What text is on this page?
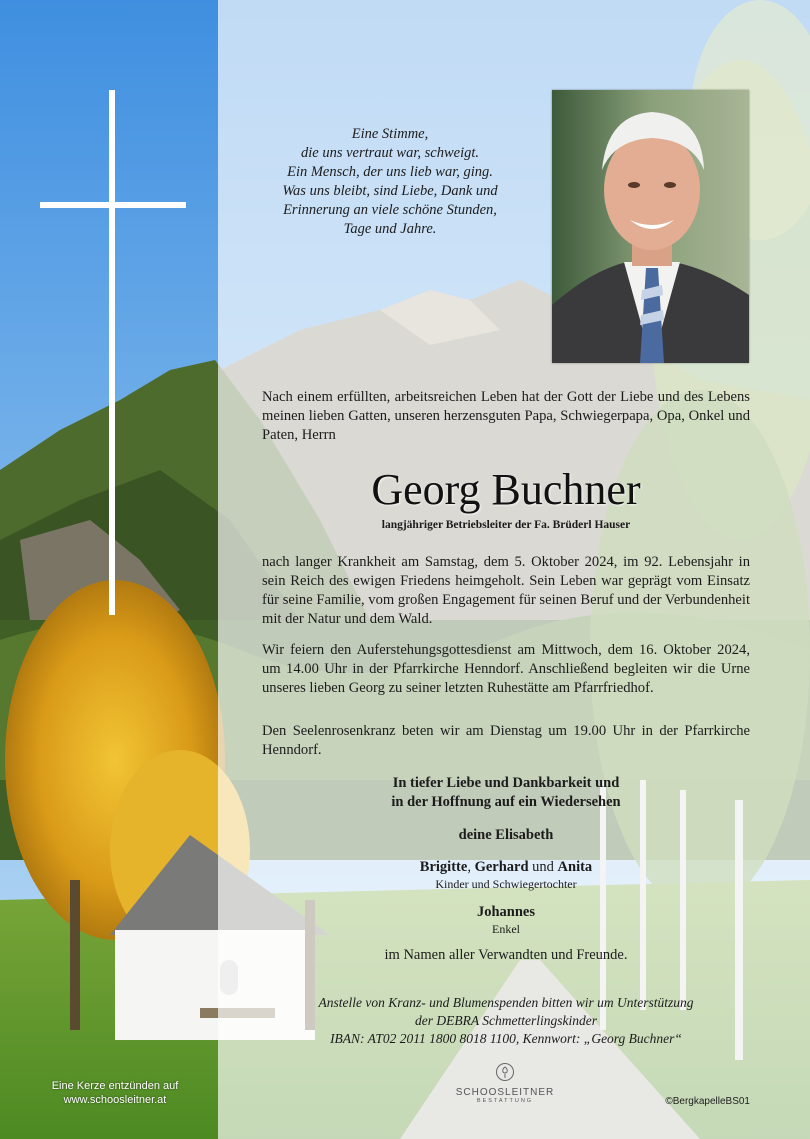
Eine Stimme,
die uns vertraut war, schweigt.
Ein Mensch, der uns lieb war, ging.
Was uns bleibt, sind Liebe, Dank und
Erinnerung an viele schöne Stunden,
Tage und Jahre.
Nach einem erfüllten, arbeitsreichen Leben hat der Gott der Liebe und des Lebens meinen lieben Gatten, unseren herzensguten Papa, Schwiegerpapa, Opa, Onkel und Paten, Herrn
Georg Buchner
langjähriger Betriebsleiter der Fa. Brüderl Hauser
nach langer Krankheit am Samstag, dem 5. Oktober 2024, im 92. Lebensjahr in sein Reich des ewigen Friedens heimgeholt. Sein Leben war geprägt vom Einsatz für seine Familie, vom großen Engagement für seinen Beruf und der Verbundenheit mit der Natur und dem Wald.
Wir feiern den Auferstehungsgottesdienst am Mittwoch, dem 16. Oktober 2024, um 14.00 Uhr in der Pfarrkirche Henndorf. Anschließend begleiten wir die Urne unseres lieben Georg zu seiner letzten Ruhestätte am Pfarrfriedhof.
Den Seelenrosenkranz beten wir am Dienstag um 19.00 Uhr in der Pfarrkirche Henndorf.
In tiefer Liebe und Dankbarkeit und
in der Hoffnung auf ein Wiedersehen
deine Elisabeth
Brigitte, Gerhard und Anita
Kinder und Schwiegertochter
Johannes
Enkel
im Namen aller Verwandten und Freunde.
Anstelle von Kranz- und Blumenspenden bitten wir um Unterstützung
der DEBRA Schmetterlingskinder
IBAN: AT02 2011 1800 8018 1100, Kennwort: „Georg Buchner“
Eine Kerze entzünden auf
www.schoosleitner.at
SCHOOSLEITNER
BESTATTUNG	©BergkapelleBS01
